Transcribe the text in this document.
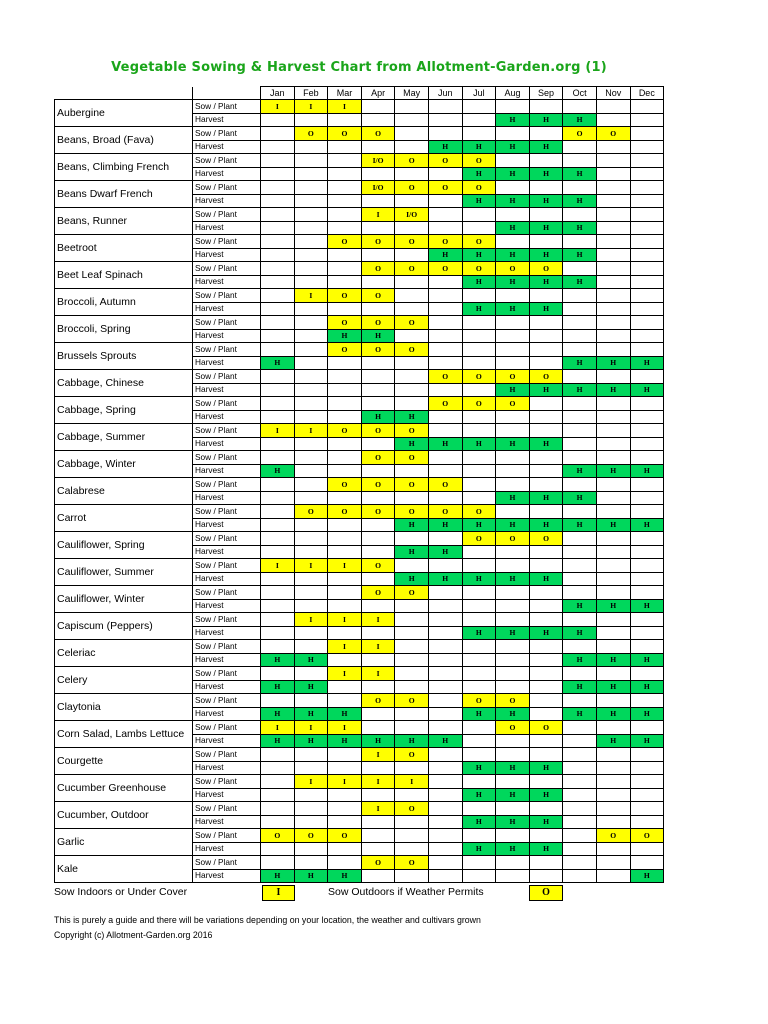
Vegetable Sowing & Harvest Chart from Allotment-Garden.org (1)
		Jan	Feb	Mar	Apr	May	Jun	Jul	Aug	Sep	Oct	Nov	Dec
Aubergine	Sow / Plant	I	I	I									
	Harvest								H	H	H		
Beans, Broad (Fava)	Sow / Plant		O	O	O						O	O	
	Harvest						H	H	H	H			
Beans, Climbing French	Sow / Plant				I/O	O	O	O					
	Harvest							H	H	H	H		
Beans Dwarf French	Sow / Plant				I/O	O	O	O					
	Harvest							H	H	H	H		
Beans, Runner	Sow / Plant				I	I/O							
	Harvest								H	H	H		
Beetroot	Sow / Plant			O	O	O	O	O					
	Harvest						H	H	H	H	H		
Beet Leaf Spinach	Sow / Plant				O	O	O	O	O	O			
	Harvest							H	H	H	H		
Broccoli, Autumn	Sow / Plant		I	O	O								
	Harvest							H	H	H			
Broccoli, Spring	Sow / Plant			O	O	O							
	Harvest			H	H								
Brussels Sprouts	Sow / Plant			O	O	O							
	Harvest	H									H	H	H
Cabbage, Chinese	Sow / Plant						O	O	O	O			
	Harvest								H	H	H	H	H
Cabbage, Spring	Sow / Plant						O	O	O				
	Harvest				H	H							
Cabbage, Summer	Sow / Plant	I	I	O	O	O							
	Harvest					H	H	H	H	H			
Cabbage, Winter	Sow / Plant				O	O							
	Harvest	H									H	H	H
Calabrese	Sow / Plant			O	O	O	O						
	Harvest								H	H	H		
Carrot	Sow / Plant		O	O	O	O	O	O					
	Harvest					H	H	H	H	H	H	H	H
Cauliflower, Spring	Sow / Plant							O	O	O			
	Harvest					H	H						
Cauliflower, Summer	Sow / Plant	I	I	I	O								
	Harvest					H	H	H	H	H			
Cauliflower, Winter	Sow / Plant				O	O							
	Harvest										H	H	H
Capiscum (Peppers)	Sow / Plant		I	I	I								
	Harvest							H	H	H	H		
Celeriac	Sow / Plant			I	I								
	Harvest	H	H								H	H	H
Celery	Sow / Plant			I	I								
	Harvest	H	H								H	H	H
Claytonia	Sow / Plant				O	O		O	O				
	Harvest	H	H	H				H	H		H	H	H
Corn Salad, Lambs Lettuce	Sow / Plant	I	I	I					O	O			
	Harvest	H	H	H	H	H	H					H	H
Courgette	Sow / Plant				I	O							
	Harvest							H	H	H			
Cucumber Greenhouse	Sow / Plant		I	I	I	I							
	Harvest							H	H	H			
Cucumber, Outdoor	Sow / Plant				I	O							
	Harvest							H	H	H			
Garlic	Sow / Plant	O	O	O								O	O
	Harvest							H	H	H			
Kale	Sow / Plant				O	O							
	Harvest	H	H	H									H
Sow Indoors or Under Cover	I	Sow Outdoors if Weather Permits	O
This is purely a guide and there will be variations depending on your location, the weather and cultivars grown
Copyright (c) Allotment-Garden.org 2016
